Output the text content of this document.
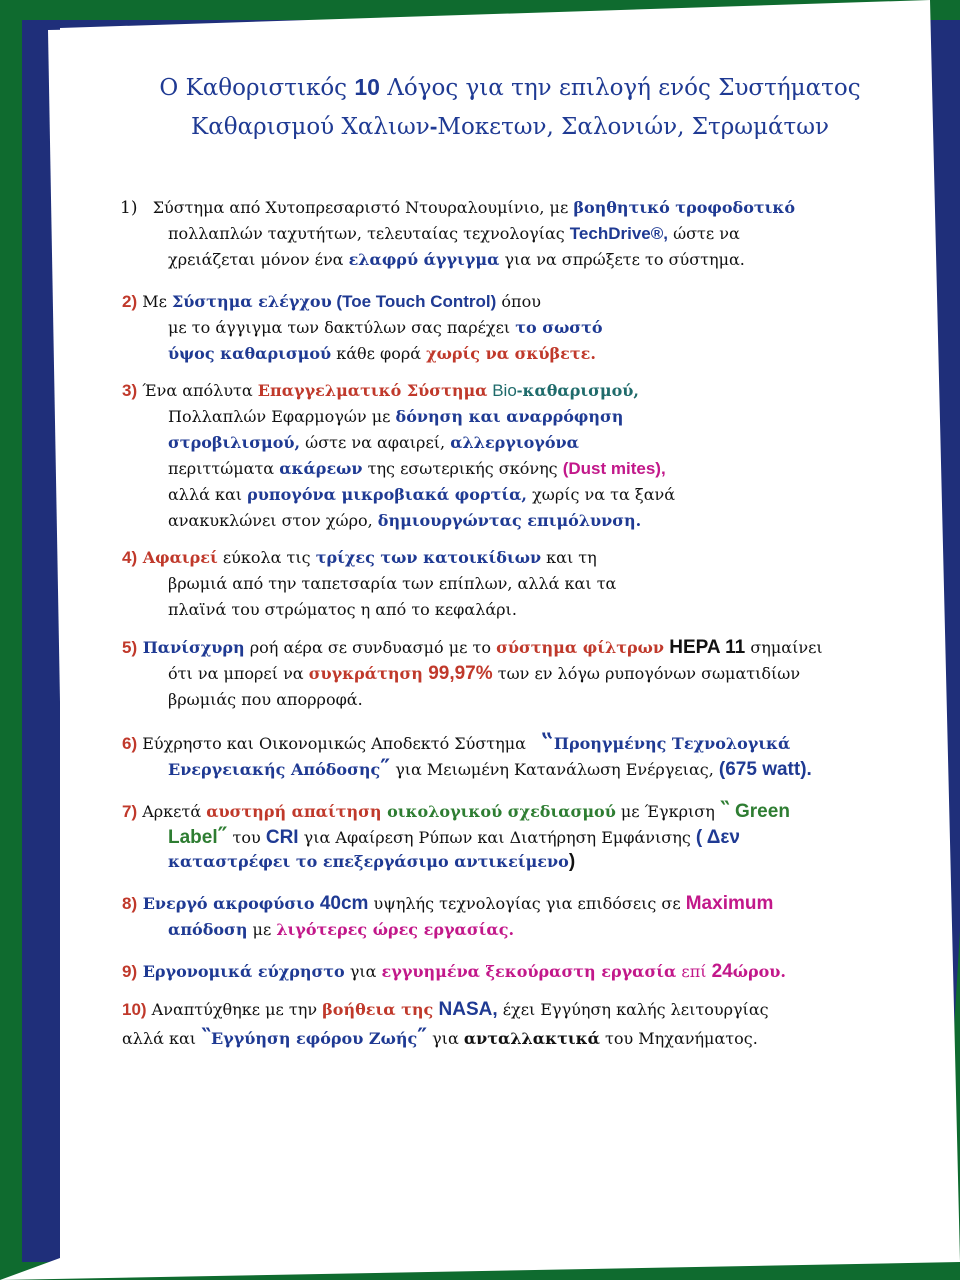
Ο Καθοριστικός 10 Λόγος για την επιλογή ενός Συστήματος
Καθαρισμού Χαλιων-Μοκετων, Σαλονιών, Στρωμάτων
1) Σύστημα από Χυτοπρεσαριστό Ντουραλουμίνιο, με βοηθητικό τροφοδοτικό
πολλαπλών ταχυτήτων, τελευταίας τεχνολογίας TechDrive®, ώστε να
χρειάζεται μόνον ένα ελαφρύ άγγιγμα για να σπρώξετε το σύστημα.
2) Με Σύστημα ελέγχου (Toe Touch Control) όπου
με το άγγιγμα των δακτύλων σας παρέχει το σωστό
ύψος καθαρισμού κάθε φορά χωρίς να σκύβετε.
3) Ένα απόλυτα Επαγγελματικό Σύστημα Bio-καθαρισμού,
Πολλαπλών Εφαρμογών με δόνηση και αναρρόφηση
στροβιλισμού, ώστε να αφαιρεί, αλλεργιογόνα
περιττώματα ακάρεων της εσωτερικής σκόνης (Dust mites),
αλλά και ρυπογόνα μικροβιακά φορτία, χωρίς να τα ξανά
ανακυκλώνει στον χώρο, δημιουργώντας επιμόλυνση.
4) Αφαιρεί εύκολα τις τρίχες των κατοικίδιων και τη
βρωμιά από την ταπετσαρία των επίπλων, αλλά και τα
πλαϊνά του στρώματος η από το κεφαλάρι.
5) Πανίσχυρη ροή αέρα σε συνδυασμό με το σύστημα φίλτρων HEPA 11 σημαίνει
ότι να μπορεί να συγκράτηση 99,97% των εν λόγω ρυπογόνων σωματιδίων
βρωμιάς που απορροφά.
6) Εύχρηστο και Οικονομικώς Αποδεκτό Σύστημα   ‟Προηγμένης Τεχνολογικά
Ενεργειακής Απόδοσης″ για Μειωμένη Κατανάλωση Ενέργειας, (675 watt).
7) Αρκετά αυστηρή απαίτηση οικολογικού σχεδιασμού με Έγκριση ‶ Green
Label″ του CRI για Αφαίρεση Ρύπων και Διατήρηση Εμφάνισης ( Δεν
καταστρέφει το επεξεργάσιμο αντικείμενο)
8) Ενεργό ακροφύσιο 40cm υψηλής τεχνολογίας για επιδόσεις σε Maximum
απόδοση με λιγότερες ώρες εργασίας.
9) Εργονομικά εύχρηστο για εγγυημένα ξεκούραστη εργασία επί 24ώρου.
10) Αναπτύχθηκε με την βοήθεια της NASA, έχει Εγγύηση καλής λειτουργίας
αλλά και ‶Εγγύηση εφόρου Ζωής″ για ανταλλακτικά του Μηχανήματος.
